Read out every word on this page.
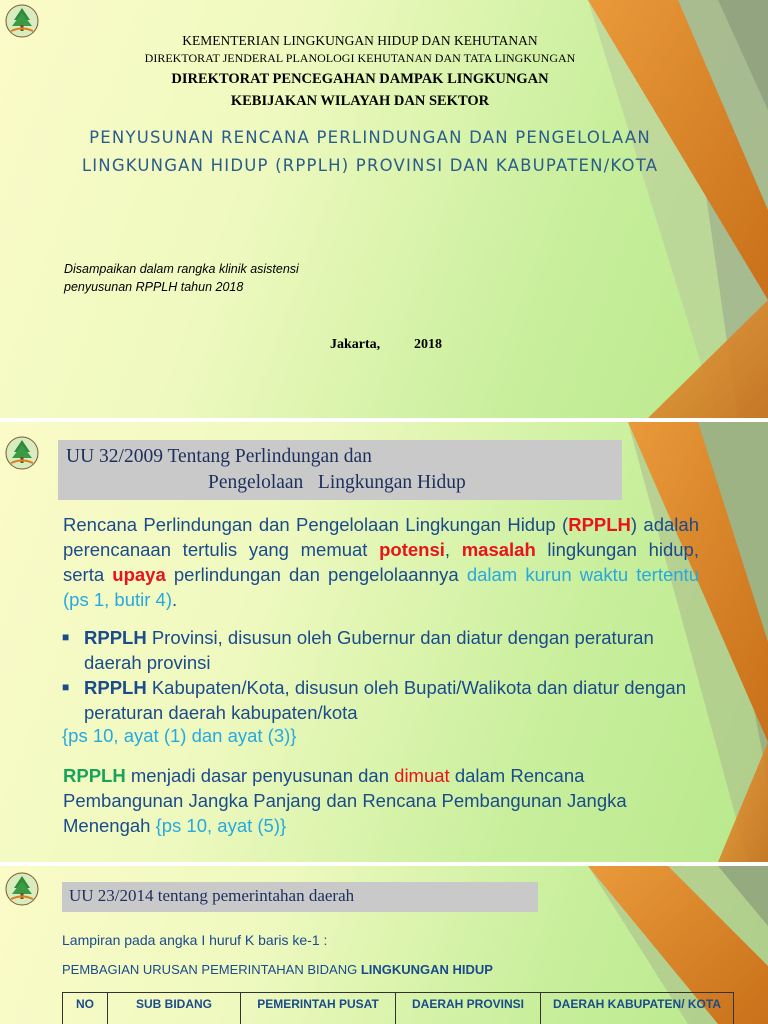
KEMENTERIAN LINGKUNGAN HIDUP DAN KEHUTANAN
DIREKTORAT JENDERAL PLANOLOGI KEHUTANAN DAN TATA LINGKUNGAN
DIREKTORAT PENCEGAHAN DAMPAK LINGKUNGAN
KEBIJAKAN WILAYAH DAN SEKTOR
PENYUSUNAN RENCANA PERLINDUNGAN DAN PENGELOLAAN
LINGKUNGAN HIDUP (RPPLH) PROVINSI DAN KABUPATEN/KOTA
Disampaikan dalam rangka klinik asistensi
penyusunan RPPLH tahun 2018
Jakarta, 2018
UU 32/2009 Tentang Perlindungan dan
Pengelolaan   Lingkungan Hidup
Rencana Perlindungan dan Pengelolaan Lingkungan Hidup (RPPLH) adalah perencanaan tertulis yang memuat potensi, masalah lingkungan hidup, serta upaya perlindungan dan pengelolaannya dalam kurun waktu tertentu (ps 1, butir 4).
■ RPPLH Provinsi, disusun oleh Gubernur dan diatur dengan peraturan daerah provinsi
■ RPPLH Kabupaten/Kota, disusun oleh Bupati/Walikota dan diatur dengan peraturan daerah kabupaten/kota
{ps 10, ayat (1) dan ayat (3)}
RPPLH menjadi dasar penyusunan dan dimuat dalam Rencana Pembangunan Jangka Panjang dan Rencana Pembangunan Jangka Menengah {ps 10, ayat (5)}
UU 23/2014 tentang pemerintahan daerah
Lampiran pada angka I huruf K baris ke-1 :
PEMBAGIAN URUSAN PEMERINTAHAN BIDANG LINGKUNGAN HIDUP
NO	SUB BIDANG	PEMERINTAH PUSAT	DAERAH PROVINSI	DAERAH KABUPATEN/ KOTA
